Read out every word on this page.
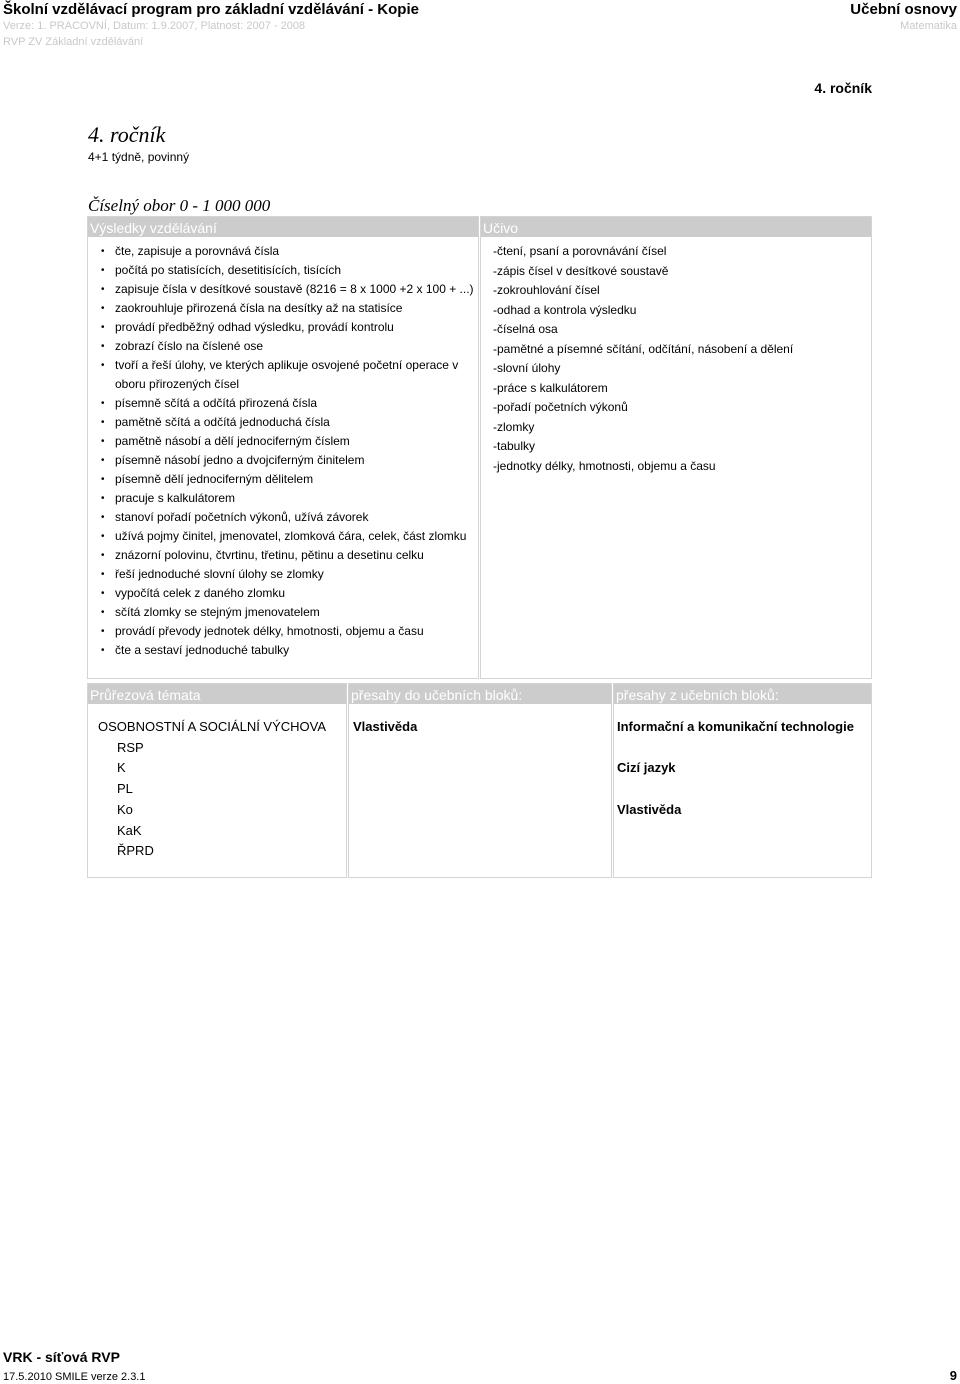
Školní vzdělávací program pro základní vzdělávání - Kopie
Verze: 1. PRACOVNÍ, Datum: 1.9.2007, Platnost: 2007 - 2008
RVP ZV Základní vzdělávání
Učební osnovy
Matematika
4. ročník
4. ročník
4+1 týdně, povinný
Číselný obor 0 - 1 000 000
Výsledky vzdělávání
• čte, zapisuje a porovnává čísla
• počítá po statisících, desetitisících, tisících
• zapisuje čísla v desítkové soustavě (8216 = 8 x 1000 +2 x 100 + ...)
• zaokrouhluje přirozená čísla na desítky až na statisíce
• provádí předběžný odhad výsledku, provádí kontrolu
• zobrazí číslo na číslené ose
• tvoří a řeší úlohy, ve kterých aplikuje osvojené početní operace v oboru přirozených čísel
• písemně sčítá a odčítá přirozená čísla
• pamětně sčítá a odčítá jednoduchá čísla
• pamětně násobí a dělí jednociferným číslem
• písemně násobí jedno a dvojciferným činitelem
• písemně dělí jednociferným dělitelem
• pracuje s kalkulátorem
• stanoví pořadí početních výkonů, užívá závorek
• užívá pojmy činitel, jmenovatel, zlomková čára, celek, část zlomku
• znázorní polovinu, čtvrtinu, třetinu, pětinu a desetinu celku
• řeší jednoduché slovní úlohy se zlomky
• vypočítá celek z daného zlomku
• sčítá zlomky se stejným jmenovatelem
• provádí převody jednotek délky, hmotnosti, objemu a času
• čte a sestaví jednoduché tabulky
Učivo
-čtení, psaní a porovnávání čísel
-zápis čísel v desítkové soustavě
-zokrouhlování čísel
-odhad a kontrola výsledku
-číselná osa
-pamětné a písemné sčítání, odčítání, násobení a dělení
-slovní úlohy
-práce s kalkulátorem
-pořadí početních výkonů
-zlomky
-tabulky
-jednotky délky, hmotnosti, objemu a času
Průřezová témata
OSOBNOSTNÍ A SOCIÁLNÍ VÝCHOVA
RSP
K
PL
Ko
KaK
ŘPRD
přesahy do učebních bloků:
Vlastivěda
přesahy z učebních bloků:
Informační a komunikační technologie
Cizí jazyk
Vlastivěda
VRK - síťová RVP
17.5.2010 SMILE verze 2.3.1	9
